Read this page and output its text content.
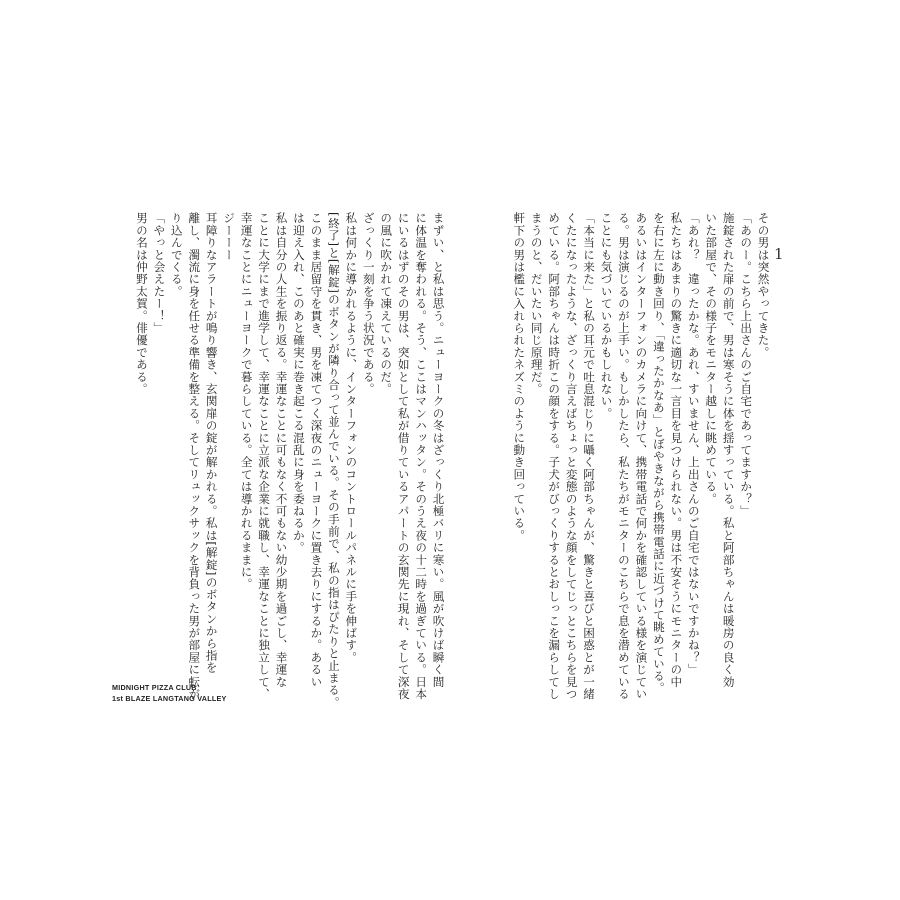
1

その男は突然やってきた。

「あのー。こちら上出さんのご自宅であってますか？」

施錠された扉の前で、男は寒そうに体を揺すっている。私と阿部ちゃんは暖房の良く効

いた部屋で、その様子をモニター越しに眺めている。

「あれ？　違ったかな。あれ、すいません、上出さんのご自宅ではないですかね？」

私たちはあまりの驚きに適切な一言目を見つけられない。男は不安そうにモニターの中

を右に左に動き回り、「違ったかなあ」とぼやきながら携帯電話に近づけて眺めている。

あるいはインターフォンのカメラに向けて、携帯電話で何かを確認している様を演じてい

る。男は演じるのが上手い。もしかしたら、私たちがモニターのこちらで息を潜めている

ことにも気づいているかもしれない。

「本当に来た」と私の耳元で吐息混じりに囁く阿部ちゃんが、驚きと喜びと困惑とが一緒

くたになったような、ざっくり言えばちょっと変態のような顔をしてじっとこちらを見つ

めている。阿部ちゃんは時折この顔をする。子犬がびっくりするとおしっこを漏らしてし

まうのと、だいたい同じ原理だ。

軒下の男は檻に入れられたネズミのように動き回っている。

まずい、と私は思う。ニューヨークの冬はざっくり北極バリに寒い。風が吹けば瞬く間

に体温を奪われる。そう、ここはマンハッタン。そのうえ夜の十二時を過ぎている。日本

にいるはずのその男は、突如として私が借りているアパートの玄関先に現れ、そして深夜

の風に吹かれて凍えているのだ。

ざっくり一刻を争う状況である。

私は何かに導かれるように、インターフォンのコントロールパネルに手を伸ばす。

[終了]と[解錠]のボタンが隣り合って並んでいる。その手前で、私の指はぴたりと止まる。

このまま居留守を貫き、男を凍てつく深夜のニューヨークに置き去りにするか。あるい

は迎え入れ、このあと確実に巻き起こる混乱に身を委ねるか。

私は自分の人生を振り返る。幸運なことに可もなく不可もない幼少期を過ごし、幸運な

ことに大学にまで進学して、幸運なことに立派な企業に就職し、幸運なことに独立して、

幸運なことにニューヨークで暮らしている。全ては導かれるままに。

ジーーー

耳障りなアラートが鳴り響き、玄関扉の錠が解かれる。私は[解錠]のボタンから指を

離し、濁流に身を任せる準備を整える。そしてリュックサックを背負った男が部屋に転が

り込んでくる。

「やっと会えたー！」

男の名は仲野太賀。俳優である。

MIDNIGHT PIZZA CLUB
1st BLAZE LANGTANG VALLEY
